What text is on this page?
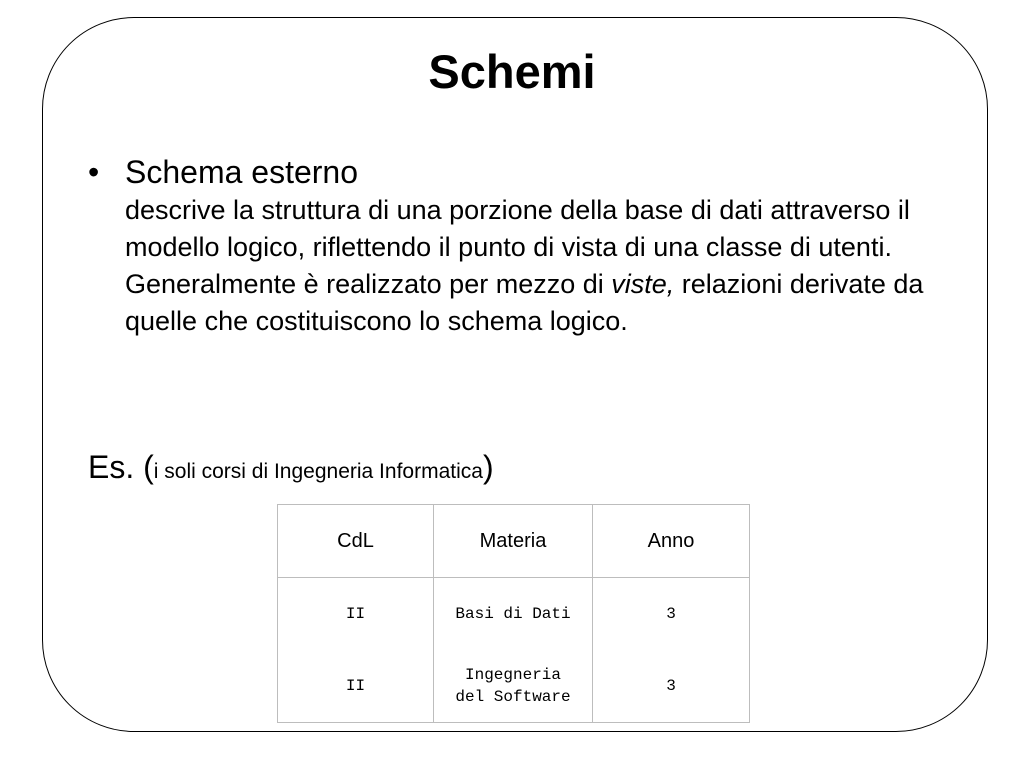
Schemi
• Schema esterno
descrive la struttura di una porzione della base di dati attraverso il modello logico, riflettendo il punto di vista di una classe di utenti. Generalmente è realizzato per mezzo di viste, relazioni derivate da quelle che costituiscono lo schema logico.
Es. (i soli corsi di Ingegneria Informatica)
CdL	Materia	Anno
II	Basi di Dati	3
II	Ingegneria del Software	3
